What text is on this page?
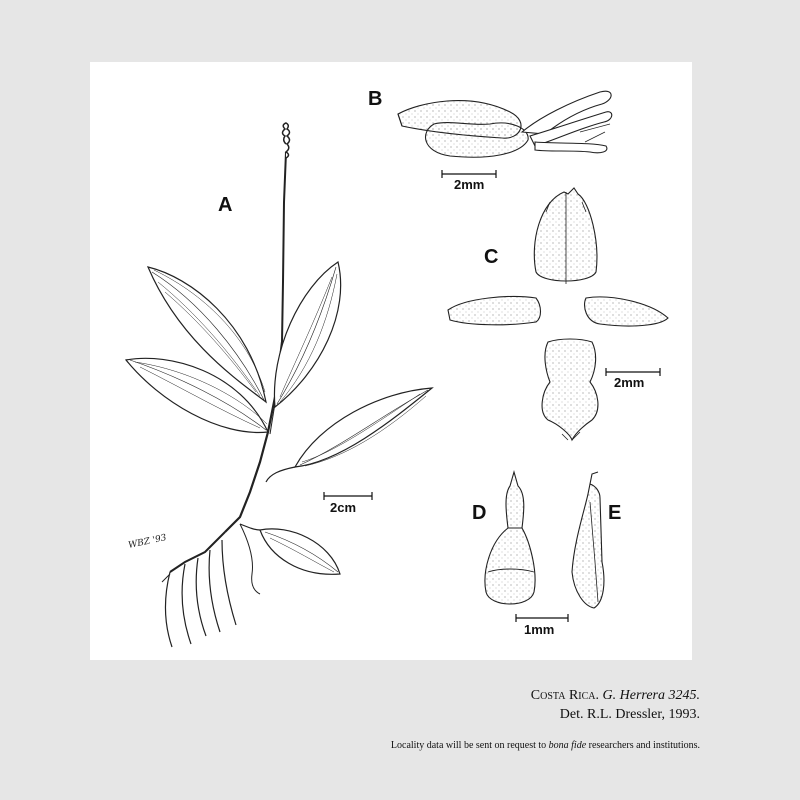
A
B
C
D	E
2mm
2mm
2cm
1mm
WBZ '93
Costa Rica. G. Herrera 3245.
Det. R.L. Dressler, 1993.
Locality data will be sent on request to bona fide researchers and institutions.
